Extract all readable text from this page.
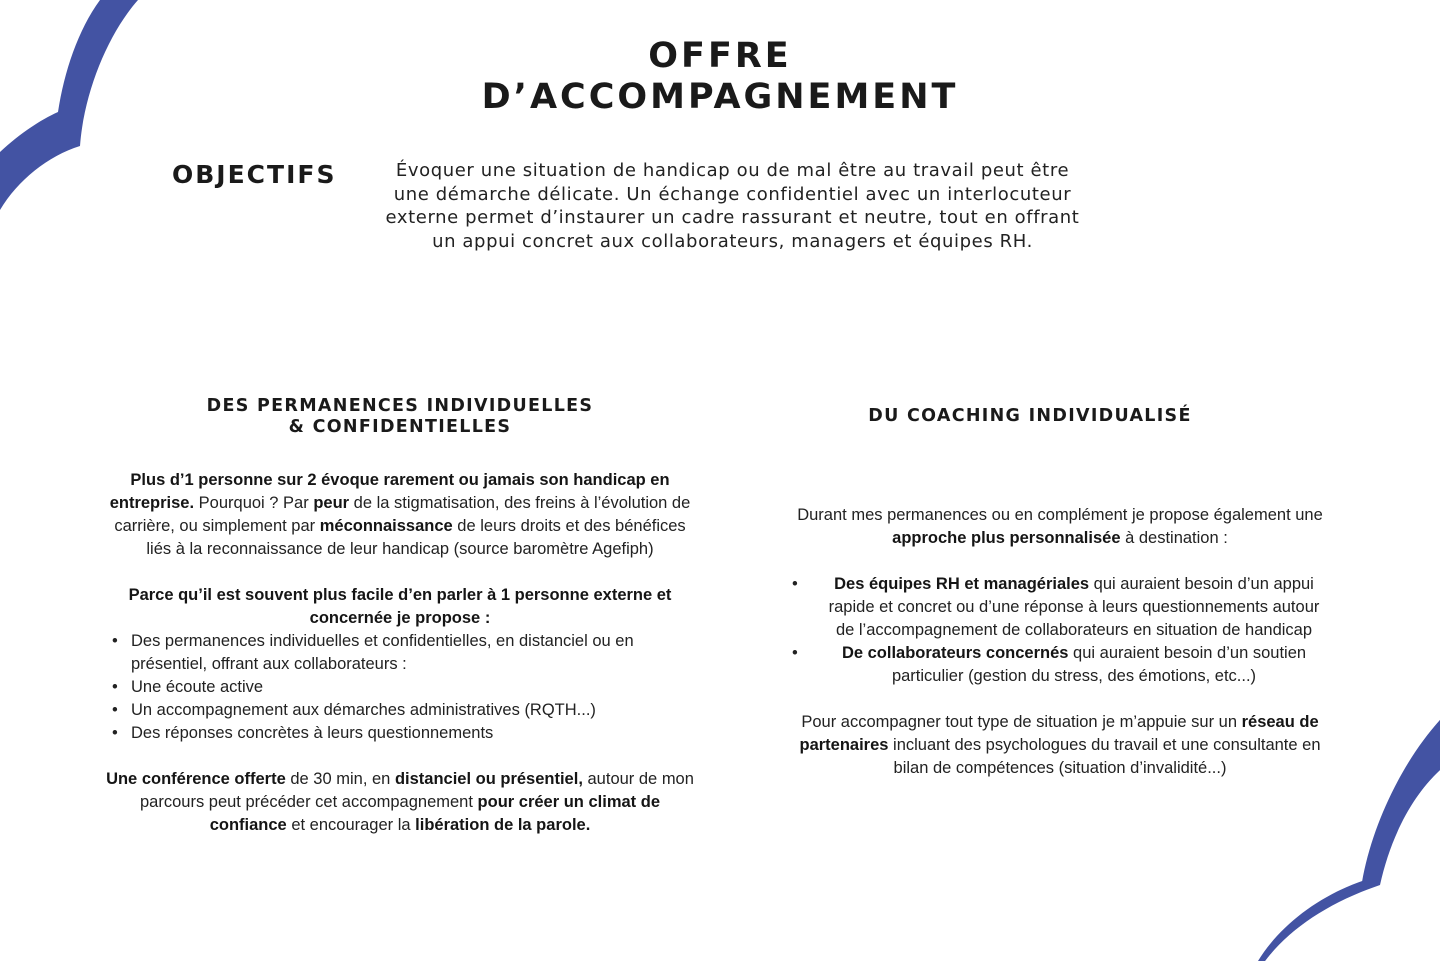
OFFRE
D’ACCOMPAGNEMENT
OBJECTIFS	Évoquer une situation de handicap ou de mal être au travail peut être une démarche délicate. Un échange confidentiel avec un interlocuteur externe permet d’instaurer un cadre rassurant et neutre, tout en offrant un appui concret aux collaborateurs, managers et équipes RH.

DES PERMANENCES INDIVIDUELLES
& CONFIDENTIELLES

Plus d’1 personne sur 2 évoque rarement ou jamais son handicap en entreprise. Pourquoi ? Par peur de la stigmatisation, des freins à l’évolution de carrière, ou simplement par méconnaissance de leurs droits et des bénéfices liés à la reconnaissance de leur handicap (source baromètre Agefiph)

Parce qu’il est souvent plus facile d’en parler à 1 personne externe et concernée je propose :

• Des permanences individuelles et confidentielles, en distanciel ou en présentiel, offrant aux collaborateurs :
• Une écoute active
• Un accompagnement aux démarches administratives (RQTH...)
• Des réponses concrètes à leurs questionnements

Une conférence offerte de 30 min, en distanciel ou présentiel, autour de mon parcours peut précéder cet accompagnement pour créer un climat de confiance et encourager la libération de la parole.

DU COACHING INDIVIDUALISÉ

Durant mes permanences ou en complément je propose également une approche plus personnalisée à destination :

• Des équipes RH et managériales qui auraient besoin d’un appui rapide et concret ou d’une réponse à leurs questionnements autour de l’accompagnement de collaborateurs en situation de handicap
• De collaborateurs concernés qui auraient besoin d’un soutien particulier (gestion du stress, des émotions, etc...)

Pour accompagner tout type de situation je m’appuie sur un réseau de partenaires incluant des psychologues du travail et une consultante en bilan de compétences (situation d’invalidité...)
